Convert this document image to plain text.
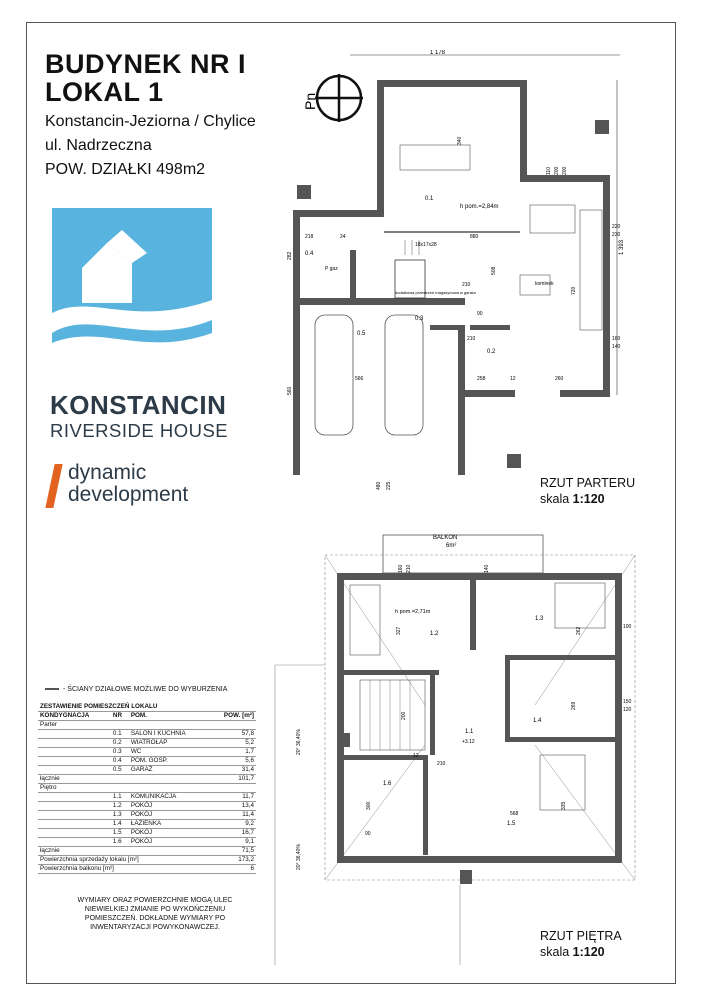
BUDYNEK NR I
LOKAL 1
Konstancin-Jeziorna / Chylice
ul. Nadrzeczna
POW. DZIAŁKI 498m2
Pn
KONSTANCIN
RIVERSIDE HOUSE
dynamic
development
1 178
0.1
0.2
0.3
0.4
0.5
h pom.=2,84m
18x17x28
P gaz
dodatkowa przestrzeń magazynowa w garażu
kominek
340
880
508
720
566	258	260
560
218	24
282
210
90
12
480 225
220
230
160
140
110 200 200
210
1 393
RZUT PARTERU
skala 1:120
BALKON
6m²
h pom.=2,71m
1.2
1.3
1.4
1.5
1.6
1.1
+3.12
20° 36,40%
20° 36,40%
327	262
269
335
568
300
160 210	140
150
120
100
200
12
90
210
RZUT PIĘTRA
skala 1:120
- ŚCIANY DZIAŁOWE MOŻLIWE DO WYBURZENIA
ZESTAWIENIE POMIESZCZEŃ LOKALU			
KONDYGNACJA	NR	POM.	POW. [m²]
Parter			
	0.1	SALON I KUCHNIA	57,8
	0.2	WIATROŁAP	5,2
	0.3	WC	1,7
	0.4	POM. GOSP.	5,6
	0.5	GARAŻ	31,4
łącznie			101,7
Piętro			
	1.1	KOMUNIKACJA	11,7
	1.2	POKÓJ	13,4
	1.3	POKÓJ	11,4
	1.4	ŁAZIENKA	9,2
	1.5	POKÓJ	16,7
	1.6	POKÓJ	9,1
łącznie			71,5
Powierzchnia sprzedaży lokalu [m²]			173,2
Powierzchnia balkonu [m²]			6
WYMIARY ORAZ POWIERZCHNIE MOGĄ ULEC NIEWIELKIEJ ZMIANIE PO WYKOŃCZENIU POMIESZCZEŃ. DOKŁADNE WYMIARY PO INWENTARYZACJI POWYKONAWCZEJ.
